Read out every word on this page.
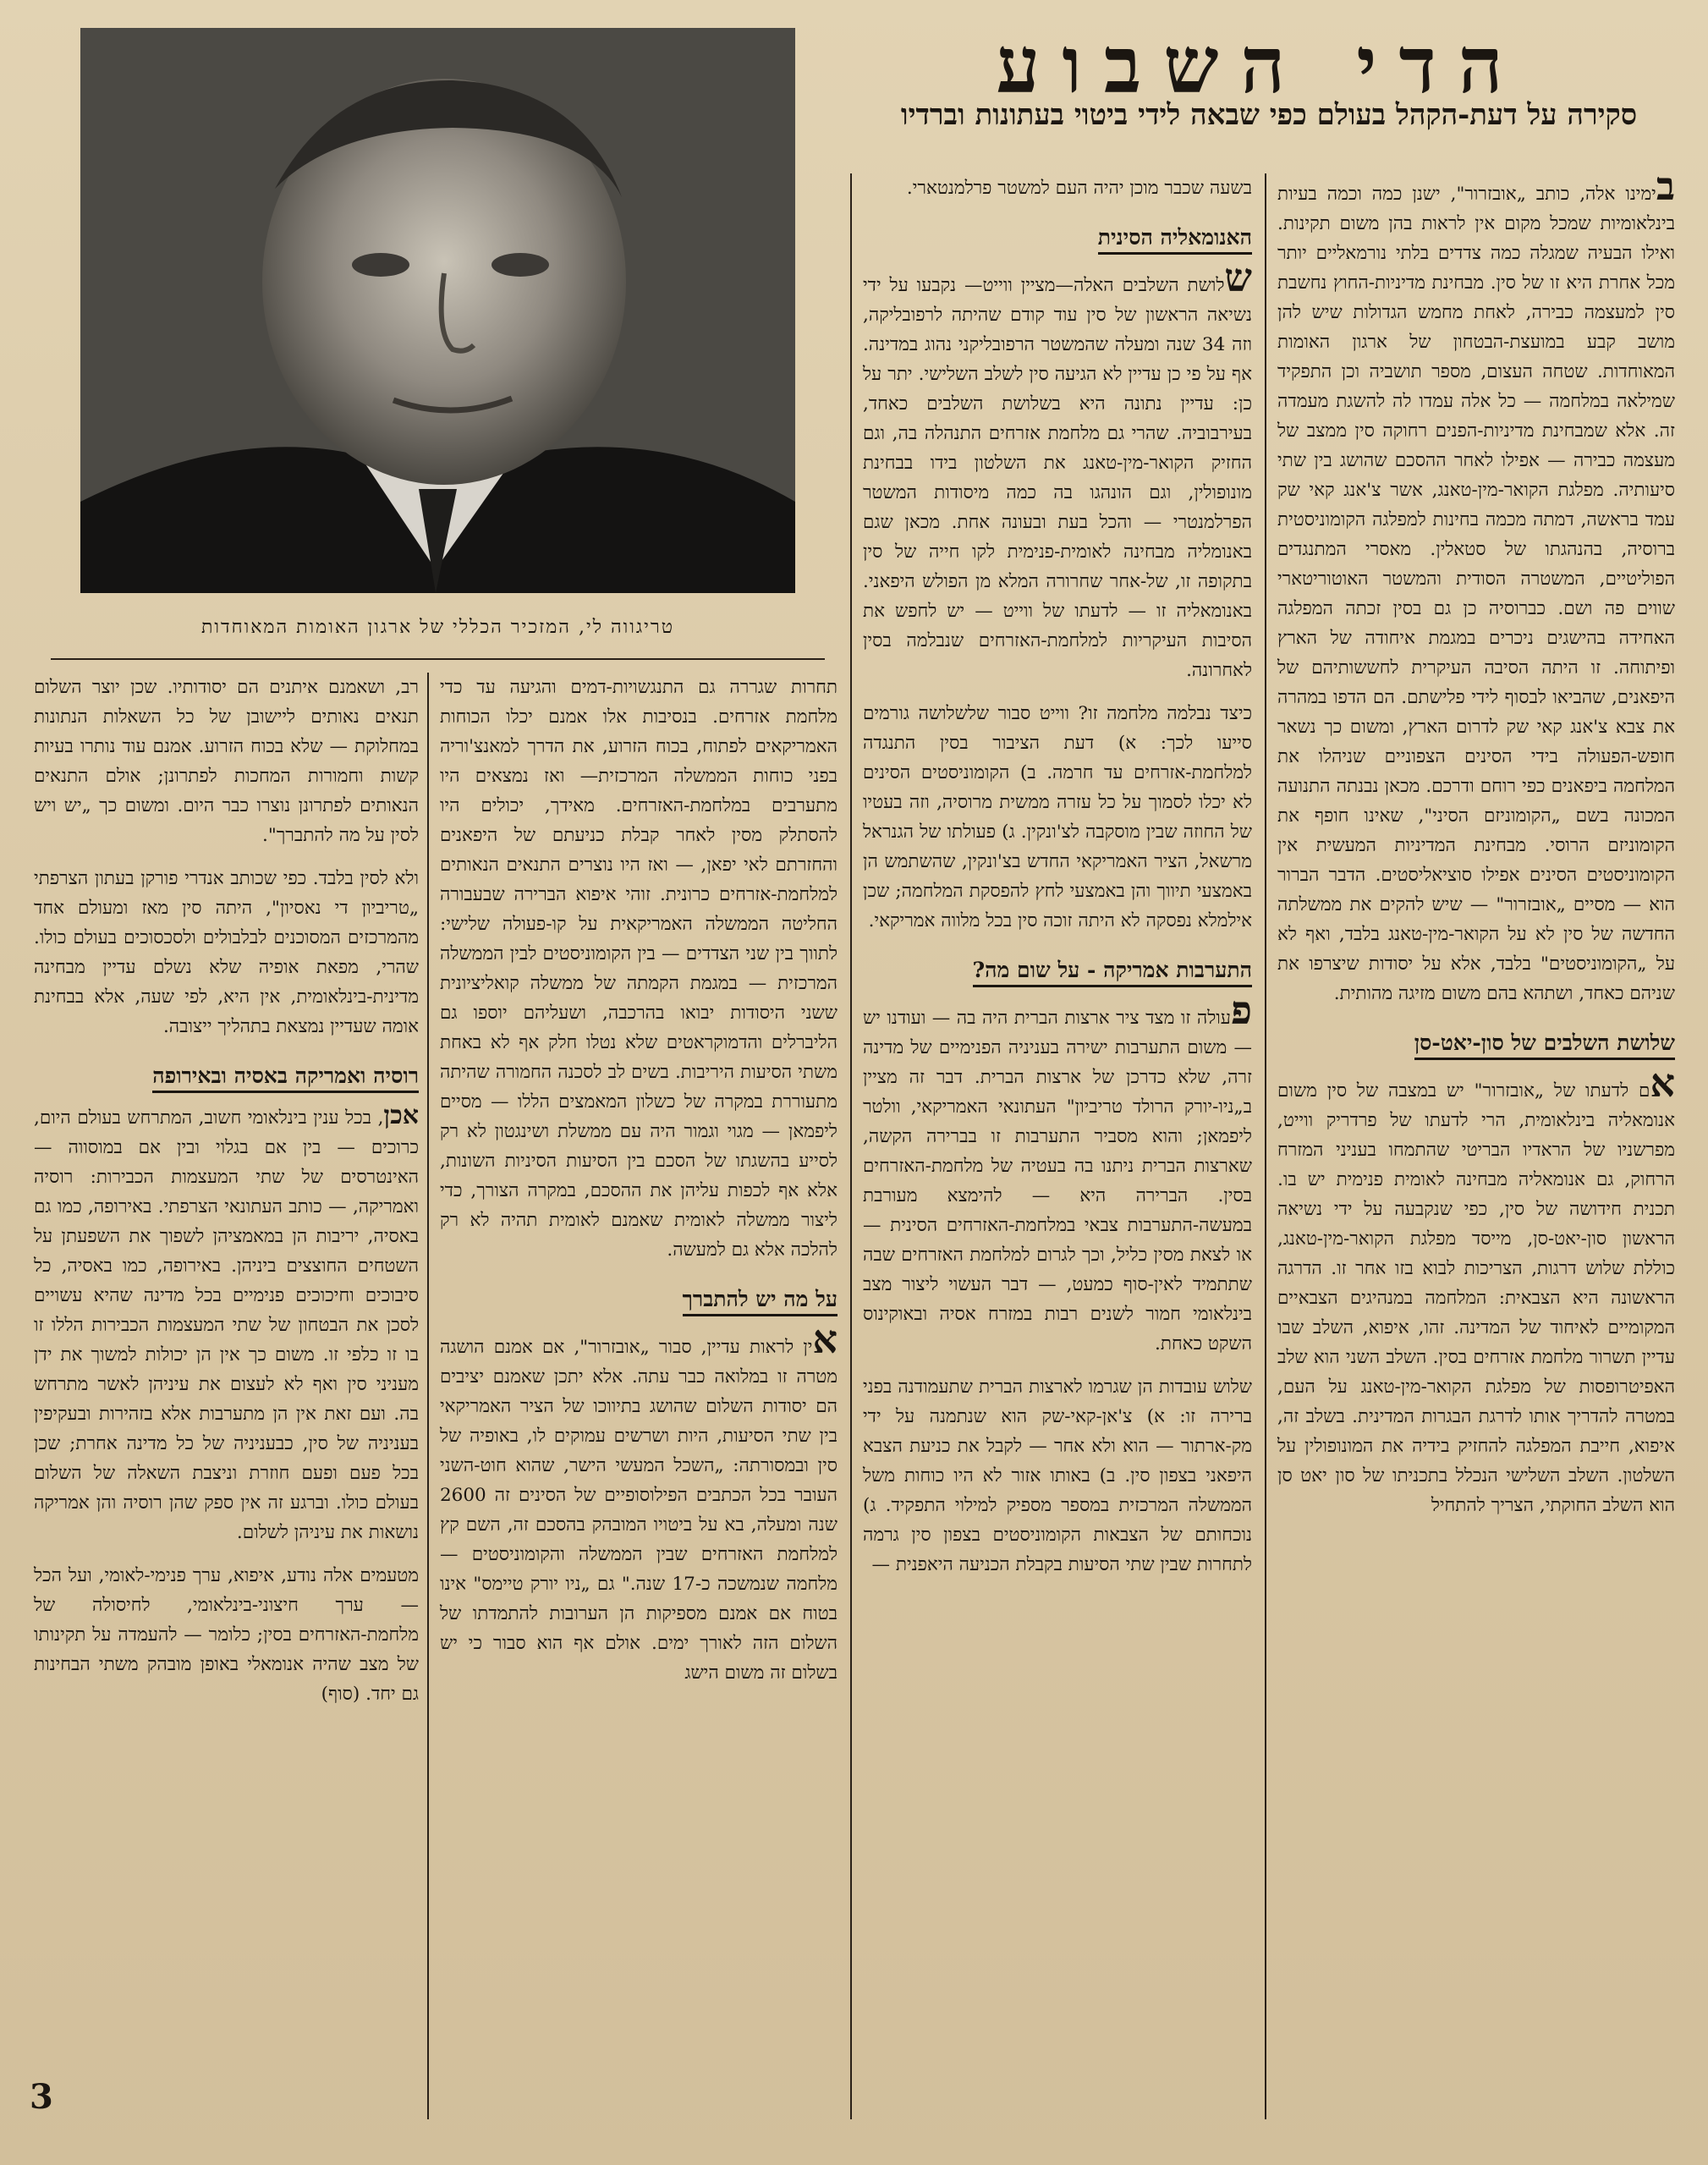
הדי השבוע
סקירה על דעת-הקהל בעולם כפי שבאה לידי ביטוי בעתונות וברדיו
טריגווה לי, המזכיר הכללי של ארגון האומות המאוחדות

בימינו אלה, כותב „אובזרור", ישנן כמה וכמה בעיות בינלאומיות שמכל מקום אין לראות בהן משום תקינות. ואילו הבעיה שמגלה כמה צדדים בלתי נורמאליים יותר מכל אחרת היא זו של סין. מבחינת מדיניות-החוץ נחשבת סין למעצמה כבירה, לאחת מחמש הגדולות שיש להן מושב קבע במועצת-הבטחון של ארגון האומות המאוחדות. שטחה העצום, מספר תושביה וכן התפקיד שמילאה במלחמה — כל אלה עמדו לה להשגת מעמדה זה. אלא שמבחינת מדיניות-הפנים רחוקה סין ממצב של מעצמה כבירה — אפילו לאחר ההסכם שהושג בין שתי סיעותיה. מפלגת הקואר-מין-טאנג, אשר צ'אנג קאי שק עמד בראשה, דמתה מכמה בחינות למפלגה הקומוניסטית ברוסיה, בהנהגתו של סטאלין. מאסרי המתנגדים הפוליטיים, המשטרה הסודית והמשטר האוטוריטארי שווים פה ושם. כברוסיה כן גם בסין זכתה המפלגה האחידה בהישגים ניכרים במגמת איחודה של הארץ ופיתוחה. זו היתה הסיבה העיקרית לחששותיהם של היפאנים, שהביאו לבסוף לידי פלישתם. הם הדפו במהרה את צבא צ'אנג קאי שק לדרום הארץ, ומשום כך נשאר חופש-הפעולה בידי הסינים הצפוניים שניהלו את המלחמה ביפאנים כפי רוחם ודרכם. מכאן נבנתה התנועה המכונה בשם „הקומוניזם הסיני", שאינו חופף את הקומוניזם הרוסי. מבחינת המדיניות המעשית אין הקומוניסטים הסינים אפילו סוציאליסטים. הדבר הברור הוא — מסיים „אובזרור" — שיש להקים את ממשלתה החדשה של סין לא על הקואר-מין-טאנג בלבד, ואף לא על „הקומוניסטים" בלבד, אלא על יסודות שיצרפו את שניהם כאחד, ושתהא בהם משום מזיגה מהותית.

שלושת השלבים של סון-יאט-סן

אם לדעתו של „אובזרור" יש במצבה של סין משום אנומאליה בינלאומית, הרי לדעתו של פרדריק ווייט, מפרשניו של הראדיו הבריטי שהתמחו בעניני המזרח הרחוק, גם אנומאליה מבחינה לאומית פנימית יש בו. תכנית חידושה של סין, כפי שנקבעה על ידי נשיאה הראשון סון-יאט-סן, מייסד מפלגת הקואר-מין-טאנג, כוללת שלוש דרגות, הצריכות לבוא בזו אחר זו. הדרגה הראשונה היא הצבאית: המלחמה במנהיגים הצבאיים המקומיים לאיחוד של המדינה. זהו, איפוא, השלב שבו עדיין תשרור מלחמת אזרחים בסין. השלב השני הוא שלב האפיטרופסות של מפלגת הקואר-מין-טאנג על העם, במטרה להדריך אותו לדרגת הבגרות המדינית. בשלב זה, איפוא, חייבת המפלגה להחזיק בידיה את המונופולין על השלטון. השלב השלישי הנכלל בתכניתו של סון יאט סן הוא השלב החוקתי, הצריך להתחיל

בשעה שכבר מוכן יהיה העם למשטר פרלמנטארי.

האנומאליה הסינית

שלושת השלבים האלה—מציין ווייט— נקבעו על ידי נשיאה הראשון של סין עוד קודם שהיתה לרפובליקה, וזה 34 שנה ומעלה שהמשטר הרפובליקני נהוג במדינה. אף על פי כן עדיין לא הגיעה סין לשלב השלישי. יתר על כן: עדיין נתונה היא בשלושת השלבים כאחד, בעירבוביה. שהרי גם מלחמת אזרחים התנהלה בה, וגם החזיק הקואר-מין-טאנג את השלטון בידו בבחינת מונופולין, וגם הונהגו בה כמה מיסודות המשטר הפרלמנטרי — והכל בעת ובעונה אחת. מכאן שגם באנומליה מבחינה לאומית-פנימית לקו חייה של סין בתקופה זו, של-אחר שחרורה המלא מן הפולש היפאני. באנומאליה זו — לדעתו של ווייט — יש לחפש את הסיבות העיקריות למלחמת-האזרחים שנבלמה בסין לאחרונה.

כיצד נבלמה מלחמה זו? ווייט סבור שלשלושה גורמים סייעו לכך: א) דעת הציבור בסין התנגדה למלחמת-אזרחים עד חרמה. ב) הקומוניסטים הסינים לא יכלו לסמוך על כל עזרה ממשית מרוסיה, וזה בעטיו של החוזה שבין מוסקבה לצ'ונקין. ג) פעולתו של הגנראל מרשאל, הציר האמריקאי החדש בצ'ונקין, שהשתמש הן באמצעי תיווך והן באמצעי לחץ להפסקת המלחמה; שכן אילמלא נפסקה לא היתה זוכה סין בכל מלווה אמריקאי.

התערבות אמריקה - על שום מה?

פעולה זו מצד ציר ארצות הברית היה בה — ועודנו יש — משום התערבות ישירה בעניניה הפנימיים של מדינה זרה, שלא כדרכן של ארצות הברית. דבר זה מציין ב„ניו-יורק הרולד טריביון" העתונאי האמריקאי, וולטר ליפמאן; והוא מסביר התערבות זו בברירה הקשה, שארצות הברית ניתנו בה בעטיה של מלחמת-האזרחים בסין. הברירה היא — להימצא מעורבת במעשה-התערבות צבאי במלחמת-האזרחים הסינית — או לצאת מסין כליל, וכך לגרום למלחמת האזרחים שבה שתתמיד לאין-סוף כמעט, — דבר העשוי ליצור מצב בינלאומי חמור לשנים רבות במזרח אסיה ובאוקינוס השקט כאחת.

שלוש עובדות הן שגרמו לארצות הברית שתעמודנה בפני ברירה זו: א) צ'אן-קאי-שק הוא שנתמנה על ידי מק-ארתור — הוא ולא אחר — לקבל את כניעת הצבא היפאני בצפון סין. ב) באותו אזור לא היו כוחות משל הממשלה המרכזית במספר מספיק למילוי התפקיד. ג) נוכחותם של הצבאות הקומוניסטים בצפון סין גרמה לתחרות שבין שתי הסיעות בקבלת הכניעה היאפנית —

תחרות שגררה גם התנגשויות-דמים והגיעה עד כדי מלחמת אזרחים. בנסיבות אלו אמנם יכלו הכוחות האמריקאים לפתוח, בכוח הזרוע, את הדרך למאנצ'וריה בפני כוחות הממשלה המרכזית— ואז נמצאים היו מתערבים במלחמת-האזרחים. מאידך, יכולים היו להסתלק מסין לאחר קבלת כניעתם של היפאנים והחזרתם לאי יפאן, — ואז היו נוצרים התנאים הנאותים למלחמת-אזרחים כרונית. זוהי איפוא הברירה שבעבורה החליטה הממשלה האמריקאית על קו-פעולה שלישי: לתווך בין שני הצדדים — בין הקומוניסטים לבין הממשלה המרכזית — במגמת הקמתה של ממשלה קואליציונית ששני היסודות יבואו בהרכבה, ושעליהם יוספו גם הליברלים והדמוקראטים שלא נטלו חלק אף לא באחת משתי הסיעות היריבות. בשים לב לסכנה החמורה שהיתה מתעוררת במקרה של כשלון המאמצים הללו — מסיים ליפמאן — מגוי וגמור היה עם ממשלת ושינגטון לא רק לסייע בהשגתו של הסכם בין הסיעות הסיניות השונות, אלא אף לכפות עליהן את ההסכם, במקרה הצורך, כדי ליצור ממשלה לאומית שאמנם לאומית תהיה לא רק להלכה אלא גם למעשה.

על מה יש להתברך

אין לראות עדיין, סבור „אובזרור", אם אמנם הושגה מטרה זו במלואה כבר עתה. אלא יתכן שאמנם יציבים הם יסודות השלום שהושג בתיווכו של הציר האמריקאי בין שתי הסיעות, היות ושרשים עמוקים לו, באופיה של סין ובמסורתה: „השכל המעשי הישר, שהוא חוט-השני העובר בכל הכתבים הפילוסופיים של הסינים זה 2600 שנה ומעלה, בא על ביטויו המובהק בהסכם זה, השם קץ למלחמת האזרחים שבין הממשלה והקומוניסטים — מלחמה שנמשכה כ-17 שנה." גם „ניו יורק טיימס" אינו בטוח אם אמנם מספיקות הן הערובות להתמדתו של השלום הזה לאורך ימים. אולם אף הוא סבור כי יש בשלום זה משום הישג

רב, ושאמנם איתנים הם יסודותיו. שכן יוצר השלום תנאים נאותים ליישובן של כל השאלות הנתונות במחלוקת — שלא בכוח הזרוע. אמנם עוד נותרו בעיות קשות וחמורות המחכות לפתרונן; אולם התנאים הנאותים לפתרונן נוצרו כבר היום. ומשום כך „יש ויש לסין על מה להתברך".

ולא לסין בלבד. כפי שכותב אנדרי פורקן בעתון הצרפתי „טריביון די נאסיון", היתה סין מאז ומעולם אחד מהמרכזים המסוכנים לבלבולים ולסכסוכים בעולם כולו. שהרי, מפאת אופיה שלא נשלם עדיין מבחינה מדינית-בינלאומית, אין היא, לפי שעה, אלא בבחינת אומה שעדיין נמצאת בתהליך ייצובה.

רוסיה ואמריקה באסיה ובאירופה

אכן, בכל ענין בינלאומי חשוב, המתרחש בעולם היום, כרוכים — בין אם בגלוי ובין אם במוסווה — האינטרסים של שתי המעצמות הכבירות: רוסיה ואמריקה, — כותב העתונאי הצרפתי. באירופה, כמו גם באסיה, יריבות הן במאמציהן לשפוך את השפעתן על השטחים החוצצים ביניהן. באירופה, כמו באסיה, כל סיבוכים וחיכוכים פנימיים בכל מדינה שהיא עשויים לסכן את הבטחון של שתי המעצמות הכבירות הללו זו בו זו כלפי זו. משום כך אין הן יכולות למשוך את ידן מעניני סין ואף לא לעצום את עיניהן לאשר מתרחש בה. ועם זאת אין הן מתערבות אלא בזהירות ובעקיפין בעניניה של סין, כבעניניה של כל מדינה אחרת; שכן בכל פעם ופעם חוזרת וניצבת השאלה של השלום בעולם כולו. וברגע זה אין ספק שהן רוסיה והן אמריקה נושאות את עיניהן לשלום.

מטעמים אלה נודע, איפוא, ערך פנימי-לאומי, ועל הכל — ערך חיצוני-בינלאומי, לחיסולה של מלחמת-האזרחים בסין; כלומר — להעמדה על תקינותו של מצב שהיה אנומאלי באופן מובהק משתי הבחינות גם יחד. (סוף)

3
